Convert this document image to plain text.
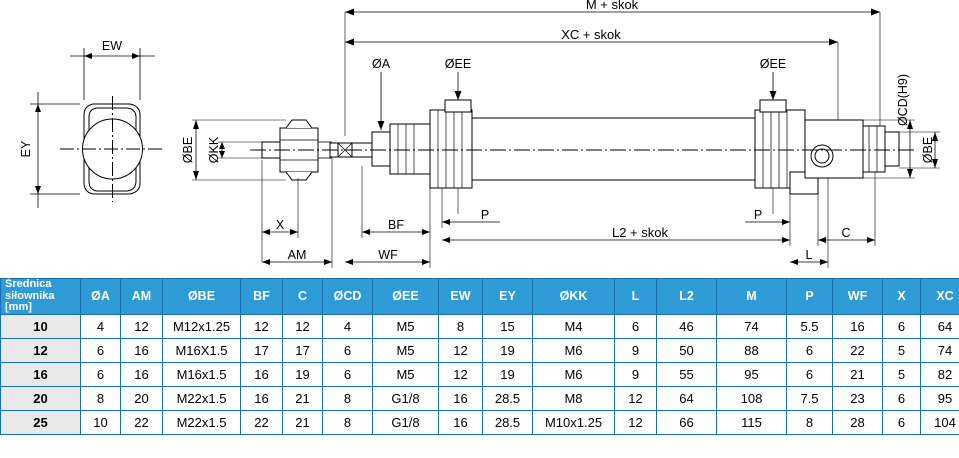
EW
EY	ØBE ØKK
ØA	ØEE	ØEE
ØCD(H9)
ØBE
M + skok
XC + skok
X
AM
BF
WF
P
L2 + skok
P
L
C
Średnica
siłownika
[mm]	ØA	AM	ØBE	BF	C	ØCD	ØEE	EW	EY	ØKK	L	L2	M	P	WF	X	XC
10	4	12	M12x1.25	12	12	4	M5	8	15	M4	6	46	74	5.5	16	6	64
12	6	16	M16X1.5	17	17	6	M5	12	19	M6	9	50	88	6	22	5	74
16	6	16	M16x1.5	16	19	6	M5	12	19	M6	9	55	95	6	21	5	82
20	8	20	M22x1.5	16	21	8	G1/8	16	28.5	M8	12	64	108	7.5	23	6	95
25	10	22	M22x1.5	22	21	8	G1/8	16	28.5	M10x1.25	12	66	115	8	28	6	104
